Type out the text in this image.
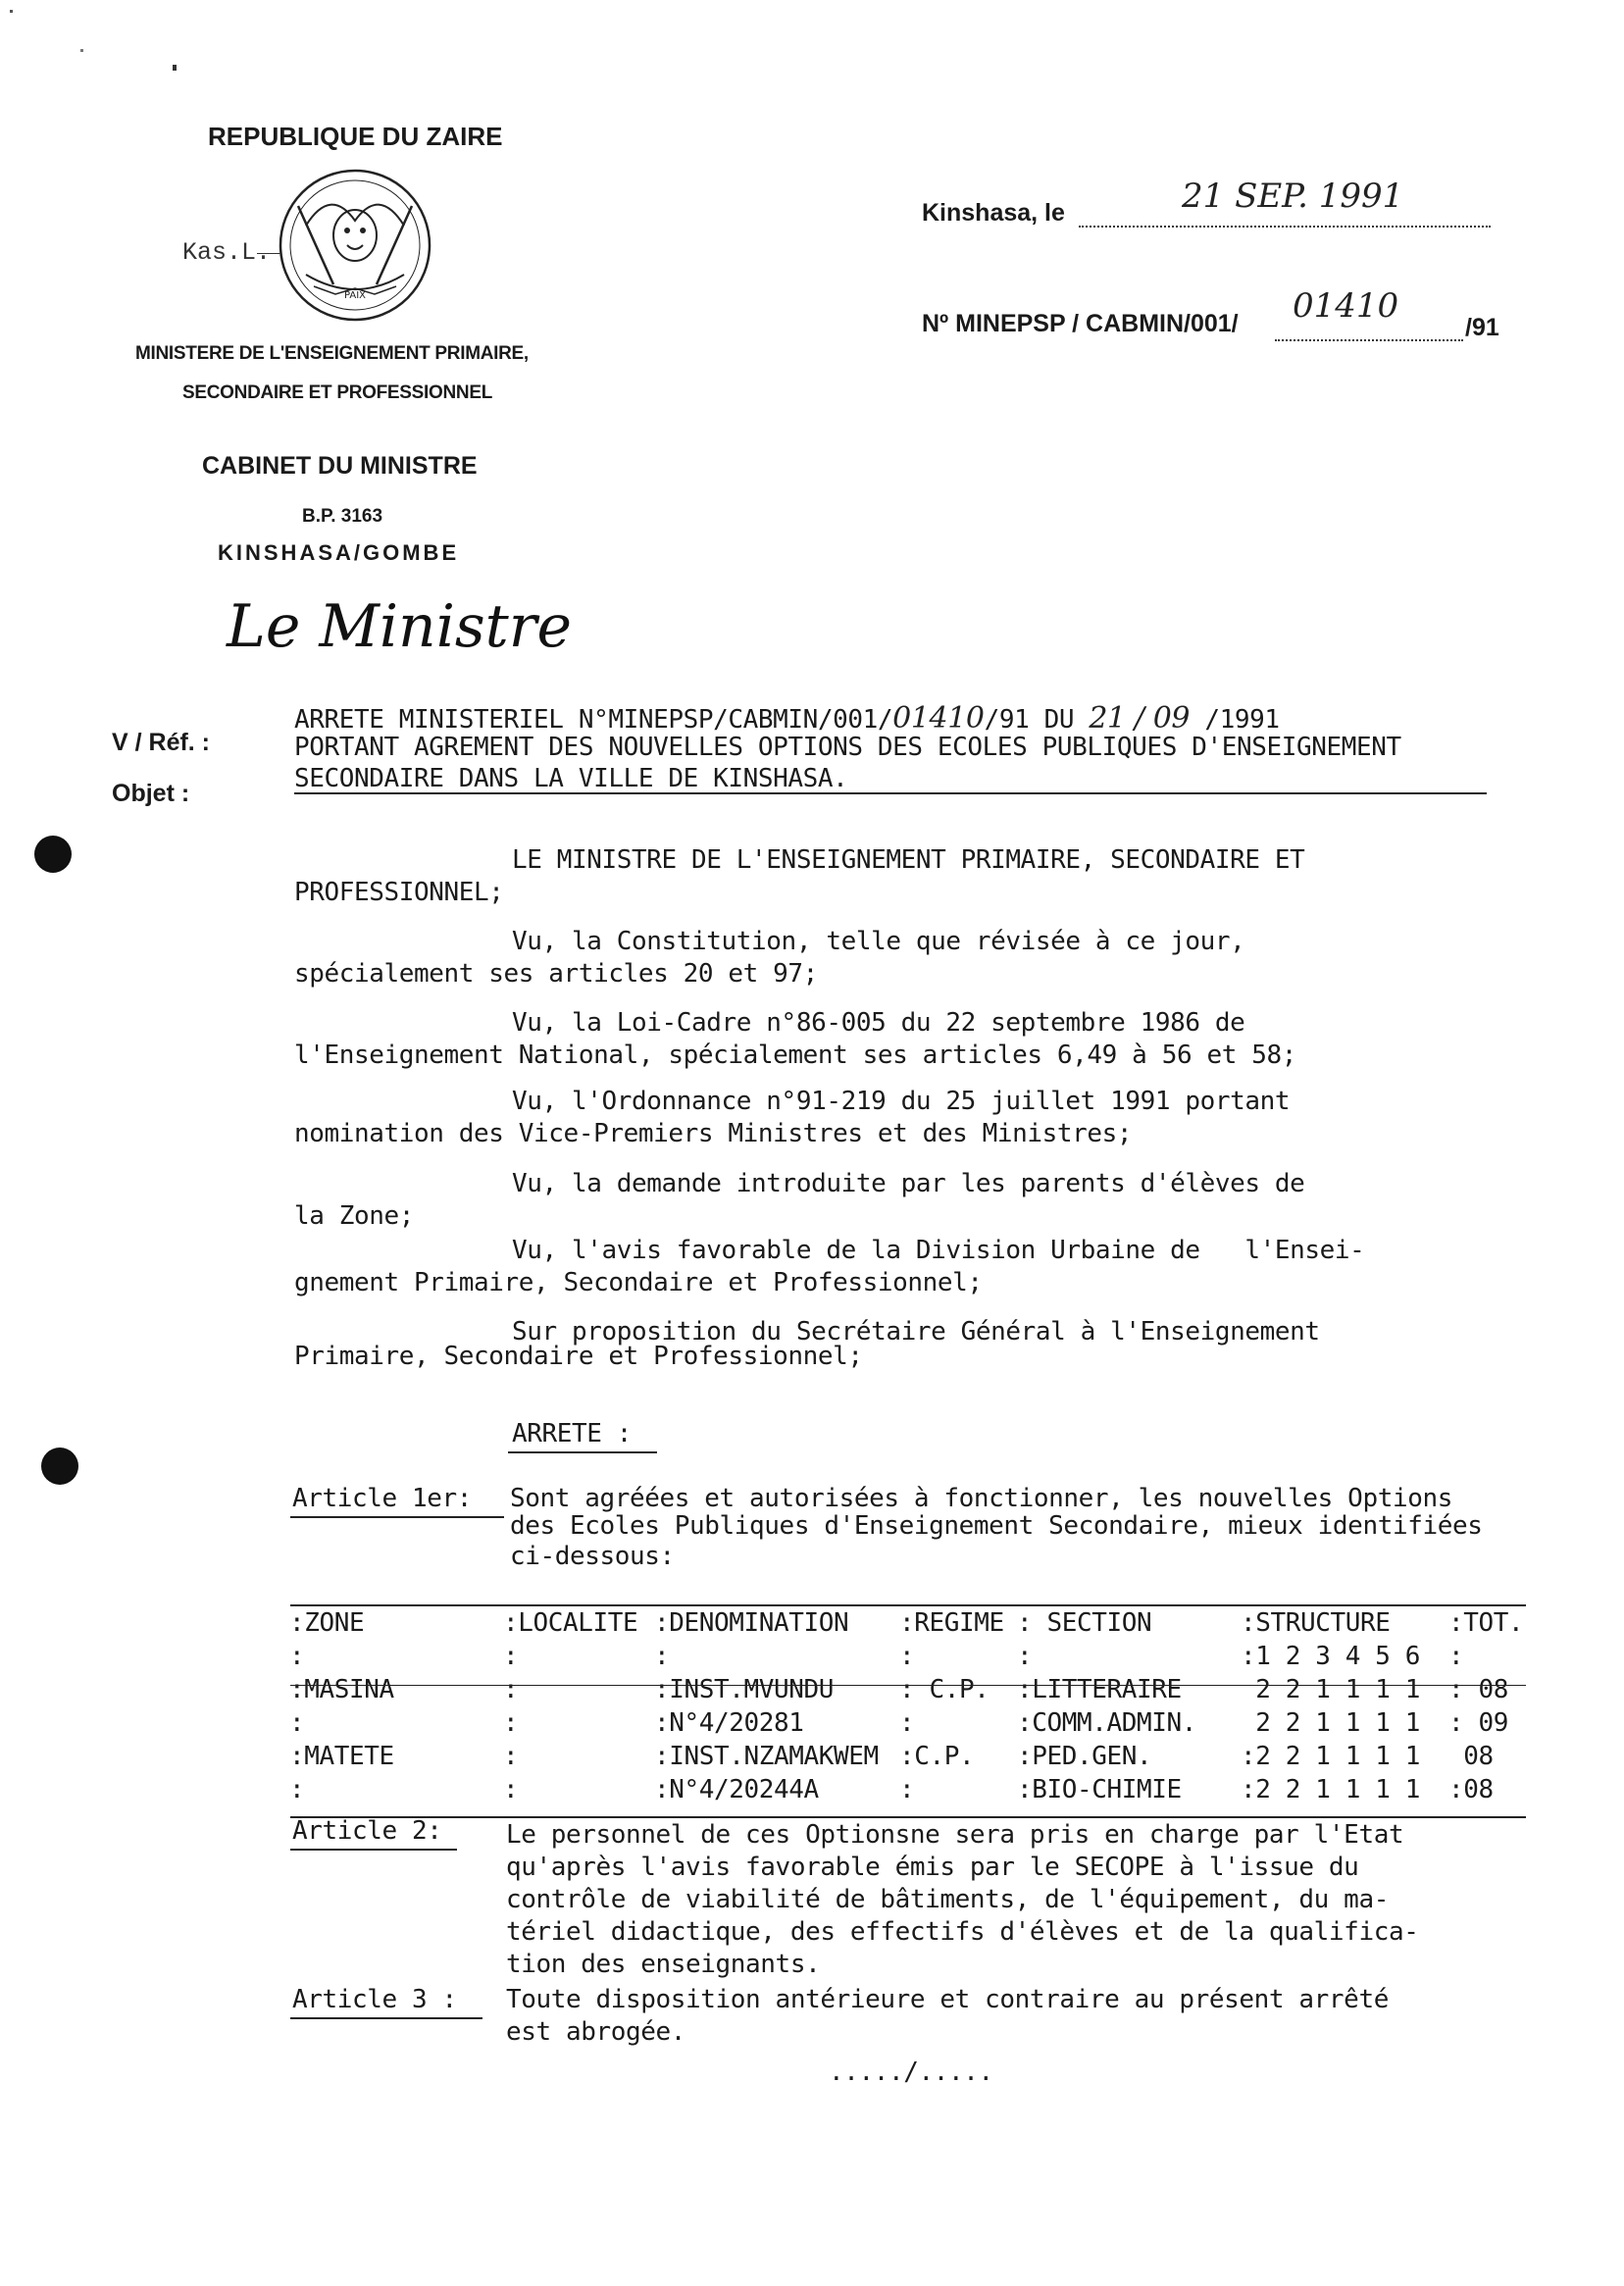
REPUBLIQUE DU ZAIRE
PAIX
Kas.L.
MINISTERE DE L'ENSEIGNEMENT PRIMAIRE,
SECONDAIRE ET PROFESSIONNEL
CABINET DU MINISTRE
B.P. 3163
KINSHASA/GOMBE
Le Ministre
Kinshasa, le	21 SEP. 1991
Nº MINEPSP / CABMIN/001/ 01410
/91
V / Réf. :
Objet :
ARRETE MINISTERIEL N°MINEPSP/CABMIN/001/01410/91 DU 21 / 09 /1991
PORTANT AGREMENT DES NOUVELLES OPTIONS DES ECOLES PUBLIQUES D'ENSEIGNEMENT
SECONDAIRE DANS LA VILLE DE KINSHASA.
LE MINISTRE DE L'ENSEIGNEMENT PRIMAIRE, SECONDAIRE ET
PROFESSIONNEL;
Vu, la Constitution, telle que révisée à ce jour,
spécialement ses articles 20 et 97;
Vu, la Loi-Cadre n°86-005 du 22 septembre 1986 de
l'Enseignement National, spécialement ses articles 6,49 à 56 et 58;
Vu, l'Ordonnance n°91-219 du 25 juillet 1991 portant
nomination des Vice-Premiers Ministres et des Ministres;
Vu, la demande introduite par les parents d'élèves de
la Zone;
Vu, l'avis favorable de la Division Urbaine de   l'Ensei-
gnement Primaire, Secondaire et Professionnel;
Sur proposition du Secrétaire Général à l'Enseignement
Primaire, Secondaire et Professionnel;
ARRETE :
Article 1er: Sont agréées et autorisées à fonctionner, les nouvelles Options
des Ecoles Publiques d'Enseignement Secondaire, mieux identifiées
ci-dessous:
:ZONE	:LOCALITE	:DENOMINATION	:REGIME	: SECTION	:STRUCTURE	:TOT.
:	:	:	:	:	:1 2 3 4 5 6	:
:MASINA	:	:INST.MVUNDU	: C.P.	:LITTERAIRE	2 2 1 1 1 1	: 08
:	:	:N°4/20281	:	:COMM.ADMIN.	2 2 1 1 1 1	: 09
:MATETE	:	:INST.NZAMAKWEM	:C.P.	:PED.GEN.	:2 2 1 1 1 1	08
:	:	:N°4/20244A	:	:BIO-CHIMIE	:2 2 1 1 1 1	:08
Article 2:	Le personnel de ces Optionsne sera pris en charge par l'Etat
qu'après l'avis favorable émis par le SECOPE à l'issue du
contrôle de viabilité de bâtiments, de l'équipement, du ma-
tériel didactique, des effectifs d'élèves et de la qualifica-
tion des enseignants.
Article 3 : Toute disposition antérieure et contraire au présent arrêté
est abrogée.
...../.....
